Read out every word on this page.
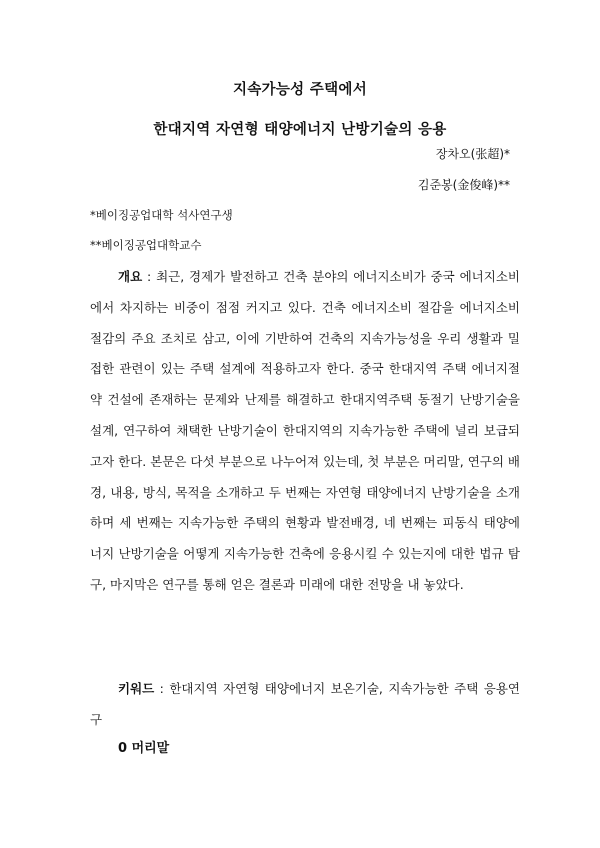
지속가능성 주택에서
한대지역 자연형 태양에너지 난방기술의 응용
장차오(张超)*
김준봉(金俊峰)**
*베이징공업대학 석사연구생
**베이징공업대학교수

개요 : 최근, 경제가 발전하고 건축 분야의 에너지소비가 중국 에너지소비에서 차지하는 비중이 점점 커지고 있다. 건축 에너지소비 절감을 에너지소비 절감의 주요 조치로 삼고, 이에 기반하여 건축의 지속가능성을 우리 생활과 밀접한 관련이 있는 주택 설계에 적용하고자 한다. 중국 한대지역 주택 에너지절약 건설에 존재하는 문제와 난제를 해결하고 한대지역주택 동절기 난방기술을 설계, 연구하여 채택한 난방기술이 한대지역의 지속가능한 주택에 널리 보급되고자 한다. 본문은 다섯 부분으로 나누어져 있는데, 첫 부분은 머리말, 연구의 배경, 내용, 방식, 목적을 소개하고 두 번째는 자연형 태양에너지 난방기술을 소개하며 세 번째는 지속가능한 주택의 현황과 발전배경, 네 번째는 피동식 태양에너지 난방기술을 어떻게 지속가능한 건축에 응용시킬 수 있는지에 대한 법규 탐구, 마지막은 연구를 통해 얻은 결론과 미래에 대한 전망을 내 놓았다.

키워드 : 한대지역 자연형 태양에너지 보온기술, 지속가능한 주택 응용연구

0 머리말
